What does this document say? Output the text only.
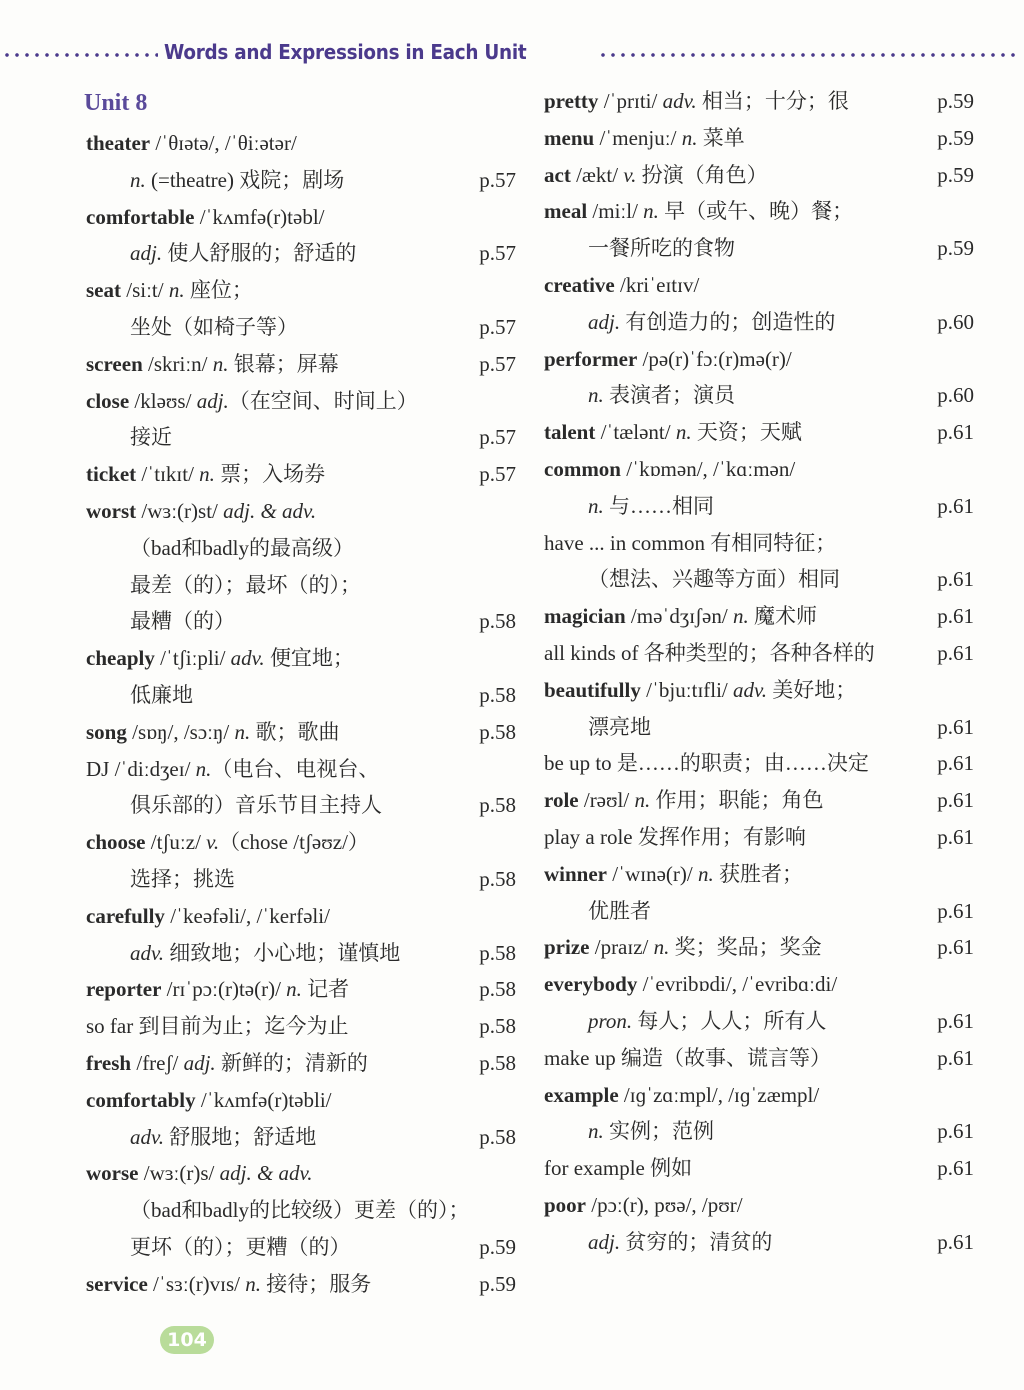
Words and Expressions in Each Unit
Unit 8
theater /ˈθɪətə/, /ˈθiːətər/
n. (=theatre) 戏院；剧场	p.57
comfortable /ˈkʌmfə(r)təbl/
adj. 使人舒服的；舒适的	p.57
seat /siːt/ n. 座位；
坐处（如椅子等）	p.57
screen /skriːn/ n. 银幕；屏幕	p.57
close /kləʊs/ adj.（在空间、时间上）
接近	p.57
ticket /ˈtɪkɪt/ n. 票；入场券	p.57
worst /wɜː(r)st/ adj. & adv.
（bad和badly的最高级）
最差（的）；最坏（的）；
最糟（的）	p.58
cheaply /ˈtʃiːpli/ adv. 便宜地；
低廉地	p.58
song /sɒŋ/, /sɔːŋ/ n. 歌；歌曲	p.58
DJ /ˈdiːdʒeɪ/ n.（电台、电视台、
俱乐部的）音乐节目主持人	p.58
choose /tʃuːz/ v.（chose /tʃəʊz/）
选择；挑选	p.58
carefully /ˈkeəfəli/, /ˈkerfəli/
adv. 细致地；小心地；谨慎地	p.58
reporter /rɪˈpɔː(r)tə(r)/ n. 记者	p.58
so far 到目前为止；迄今为止	p.58
fresh /freʃ/ adj. 新鲜的；清新的	p.58
comfortably /ˈkʌmfə(r)təbli/
adv. 舒服地；舒适地	p.58
worse /wɜː(r)s/ adj. & adv.
（bad和badly的比较级）更差（的）；
更坏（的）；更糟（的）	p.59
service /ˈsɜː(r)vɪs/ n. 接待；服务	p.59
pretty /ˈprɪti/ adv. 相当；十分；很	p.59
menu /ˈmenjuː/ n. 菜单	p.59
act /ækt/ v. 扮演（角色）	p.59
meal /miːl/ n. 早（或午、晚）餐；
一餐所吃的食物	p.59
creative /kriˈeɪtɪv/
adj. 有创造力的；创造性的	p.60
performer /pə(r)ˈfɔː(r)mə(r)/
n. 表演者；演员	p.60
talent /ˈtælənt/ n. 天资；天赋	p.61
common /ˈkɒmən/, /ˈkɑːmən/
n. 与……相同	p.61
have ... in common 有相同特征；
（想法、兴趣等方面）相同	p.61
magician /məˈdʒɪʃən/ n. 魔术师	p.61
all kinds of 各种类型的；各种各样的	p.61
beautifully /ˈbjuːtɪfli/ adv. 美好地；
漂亮地	p.61
be up to 是……的职责；由……决定	p.61
role /rəʊl/ n. 作用；职能；角色	p.61
play a role 发挥作用；有影响	p.61
winner /ˈwɪnə(r)/ n. 获胜者；
优胜者	p.61
prize /praɪz/ n. 奖；奖品；奖金	p.61
everybody /ˈevribɒdi/, /ˈevribɑːdi/
pron. 每人；人人；所有人	p.61
make up 编造（故事、谎言等）	p.61
example /ɪɡˈzɑːmpl/, /ɪɡˈzæmpl/
n. 实例；范例	p.61
for example 例如	p.61
poor /pɔː(r), pʊə/, /pʊr/
adj. 贫穷的；清贫的	p.61
104
